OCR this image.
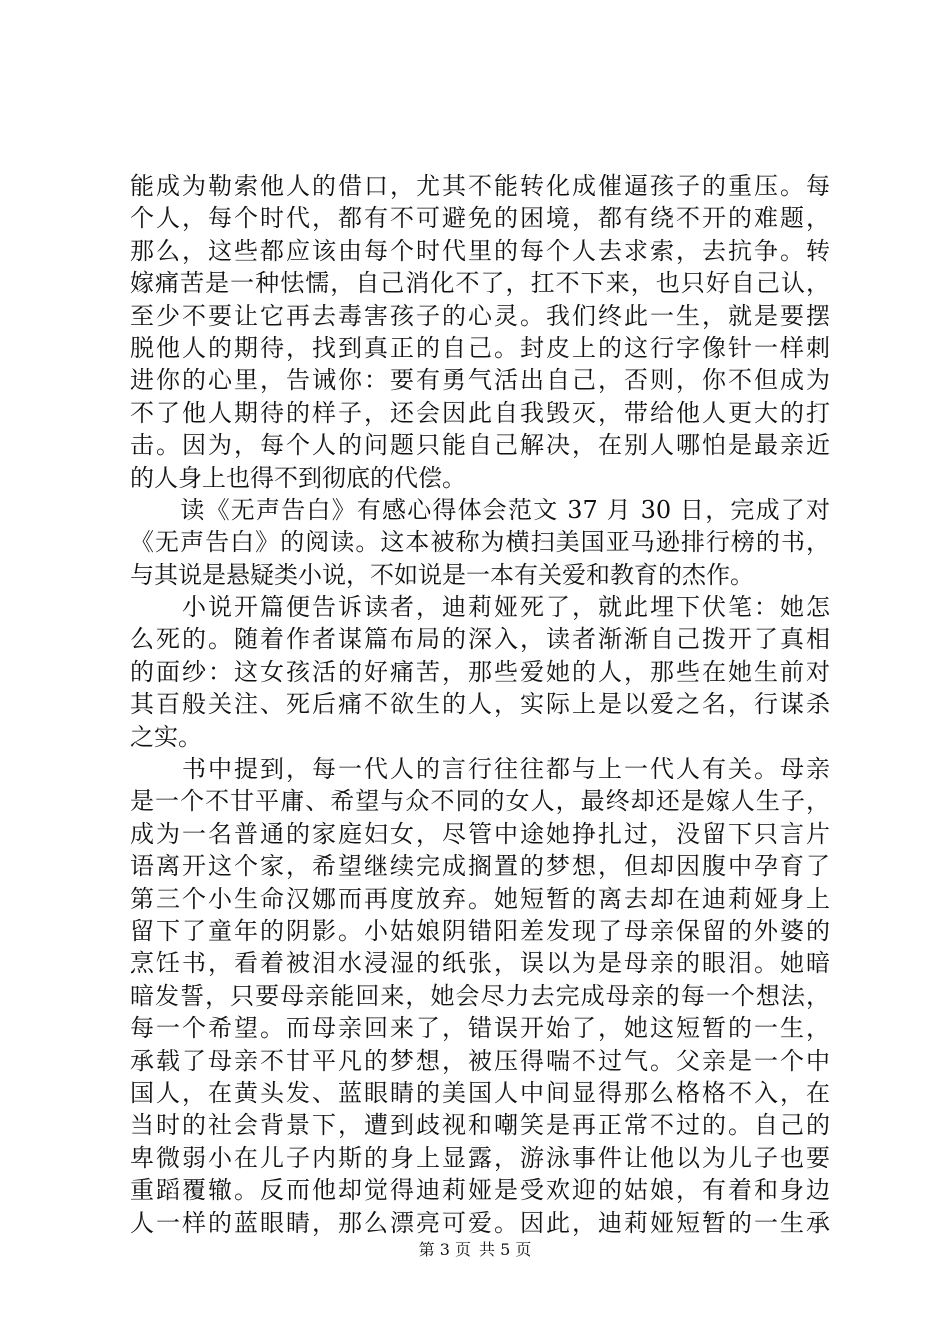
能成为勒索他人的借口，尤其不能转化成催逼孩子的重压。每
个人，每个时代，都有不可避免的困境，都有绕不开的难题，
那么，这些都应该由每个时代里的每个人去求索，去抗争。转
嫁痛苦是一种怯懦，自己消化不了，扛不下来，也只好自己认，
至少不要让它再去毒害孩子的心灵。我们终此一生，就是要摆
脱他人的期待，找到真正的自己。封皮上的这行字像针一样刺
进你的心里，告诫你：要有勇气活出自己，否则，你不但成为
不了他人期待的样子，还会因此自我毁灭，带给他人更大的打
击。因为，每个人的问题只能自己解决，在别人哪怕是最亲近
的人身上也得不到彻底的代偿。
　　读《无声告白》有感心得体会范文 37 月 30 日，完成了对
《无声告白》的阅读。这本被称为横扫美国亚马逊排行榜的书，
与其说是悬疑类小说，不如说是一本有关爱和教育的杰作。
　　小说开篇便告诉读者，迪莉娅死了，就此埋下伏笔：她怎
么死的。随着作者谋篇布局的深入，读者渐渐自己拨开了真相
的面纱：这女孩活的好痛苦，那些爱她的人，那些在她生前对
其百般关注、死后痛不欲生的人，实际上是以爱之名，行谋杀
之实。
　　书中提到，每一代人的言行往往都与上一代人有关。母亲
是一个不甘平庸、希望与众不同的女人，最终却还是嫁人生子，
成为一名普通的家庭妇女，尽管中途她挣扎过，没留下只言片
语离开这个家，希望继续完成搁置的梦想，但却因腹中孕育了
第三个小生命汉娜而再度放弃。她短暂的离去却在迪莉娅身上
留下了童年的阴影。小姑娘阴错阳差发现了母亲保留的外婆的
烹饪书，看着被泪水浸湿的纸张，误以为是母亲的眼泪。她暗
暗发誓，只要母亲能回来，她会尽力去完成母亲的每一个想法，
每一个希望。而母亲回来了，错误开始了，她这短暂的一生，
承载了母亲不甘平凡的梦想，被压得喘不过气。父亲是一个中
国人，在黄头发、蓝眼睛的美国人中间显得那么格格不入，在
当时的社会背景下，遭到歧视和嘲笑是再正常不过的。自己的
卑微弱小在儿子内斯的身上显露，游泳事件让他以为儿子也要
重蹈覆辙。反而他却觉得迪莉娅是受欢迎的姑娘，有着和身边
人一样的蓝眼睛，那么漂亮可爱。因此，迪莉娅短暂的一生承
第 3 页 共 5 页
